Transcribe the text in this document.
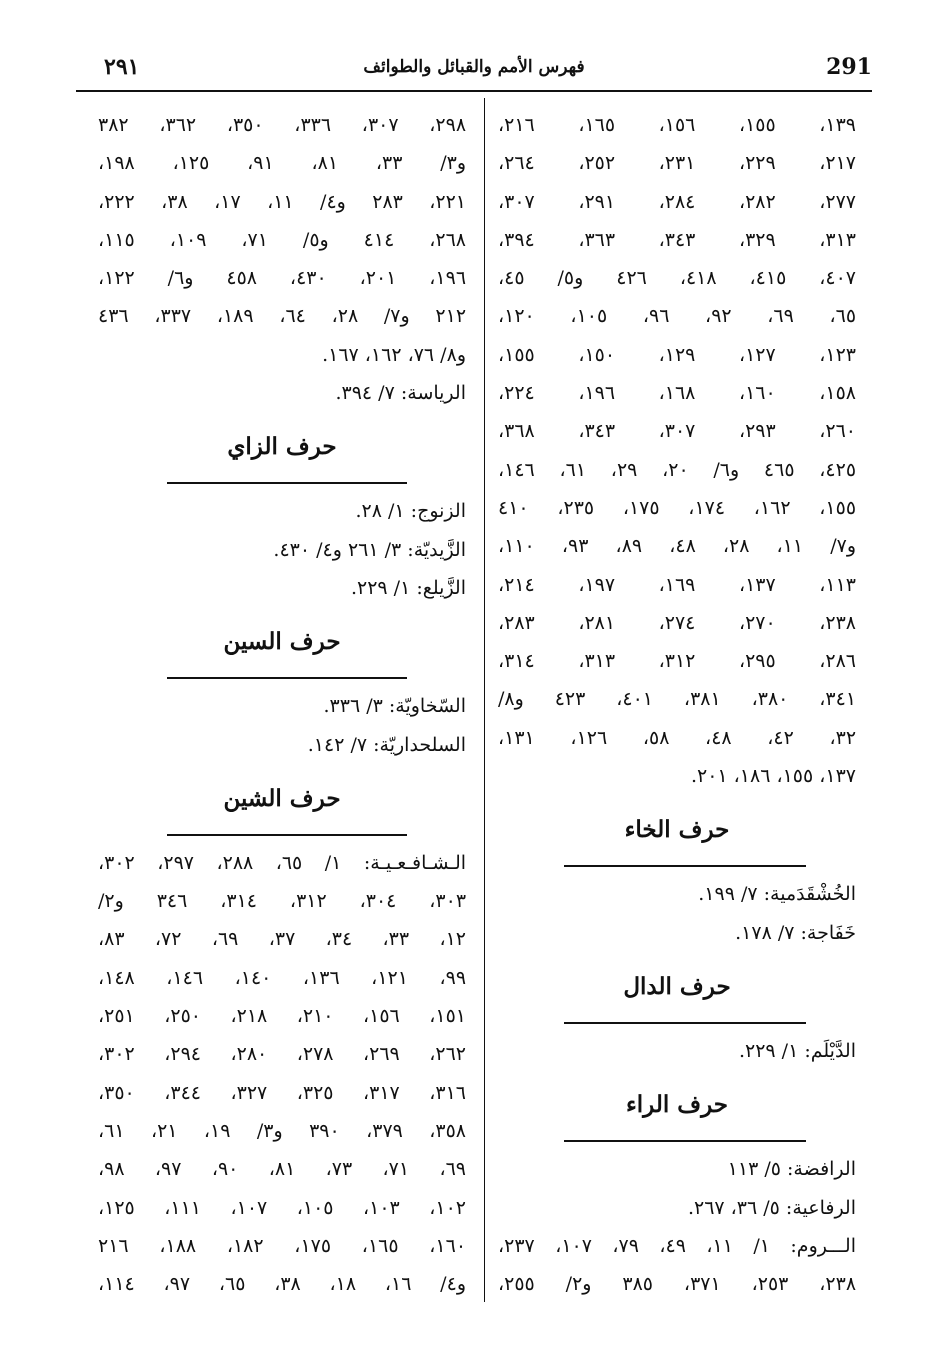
٢٩١	فهرس الأمم والقبائل والطوائف	291
١٣٩، ١٥٥، ١٥٦، ١٦٥، ٢١٦،
٢١٧، ٢٢٩، ٢٣١، ٢٥٢، ٢٦٤،
٢٧٧، ٢٨٢، ٢٨٤، ٢٩١، ٣٠٧،
٣١٣، ٣٢٩، ٣٤٣، ٣٦٣، ٣٩٤،
٤٠٧، ٤١٥، ٤١٨، ٤٢٦ و٥/ ٤٥،
٦٥، ٦٩، ٩٢، ٩٦، ١٠٥، ١٢٠،
١٢٣، ١٢٧، ١٢٩، ١٥٠، ١٥٥،
١٥٨، ١٦٠، ١٦٨، ١٩٦، ٢٢٤،
٢٦٠، ٢٩٣، ٣٠٧، ٣٤٣، ٣٦٨،
٤٢٥، ٤٦٥ و٦/ ٢٠، ٢٩، ٦١، ١٤٦،
١٥٥، ١٦٢، ١٧٤، ١٧٥، ٢٣٥، ٤١٠
و٧/ ١١، ٢٨، ٤٨، ٨٩، ٩٣، ١١٠،
١١٣، ١٣٧، ١٦٩، ١٩٧، ٢١٤،
٢٣٨، ٢٧٠، ٢٧٤، ٢٨١، ٢٨٣،
٢٨٦، ٢٩٥، ٣١٢، ٣١٣، ٣١٤،
٣٤١، ٣٨٠، ٣٨١، ٤٠١، ٤٢٣ و٨/
٣٢، ٤٢، ٤٨، ٥٨، ١٢٦، ١٣١،
١٣٧، ١٥٥، ١٨٦، ٢٠١.
حرف الخاء
الخُشْقَدَمية: ٧/ ١٩٩.
خَفَاجة: ٧/ ١٧٨.
حرف الدال
الدَّيْلَم: ١/ ٢٢٩.
حرف الراء
الرافضة: ٥/ ١١٣
الرفاعية: ٥/ ٣٦، ٢٦٧.
الـــروم: ١/ ١١، ٤٩، ٧٩، ١٠٧، ٢٣٧،
٢٣٨، ٢٥٣، ٣٧١، ٣٨٥ و٢/ ٢٥٥،
٢٩٨، ٣٠٧، ٣٣٦، ٣٥٠، ٣٦٢، ٣٨٢
و٣/ ٣٣، ٨١، ٩١، ١٢٥، ١٩٨،
٢٢١، ٢٨٣ و٤/ ١١، ١٧، ٣٨، ٢٢٢،
٢٦٨، ٤١٤ و٥/ ٧١، ١٠٩، ١١٥،
١٩٦، ٢٠١، ٤٣٠، ٤٥٨ و٦/ ١٢٢،
٢١٢ و٧/ ٢٨، ٦٤، ١٨٩، ٣٣٧، ٤٣٦
و٨/ ٧٦، ١٦٢، ١٦٧.
الرياسة: ٧/ ٣٩٤.
حرف الزاي
الزنوج: ١/ ٢٨.
الزَّيديّة: ٣/ ٢٦١ و٤/ ٤٣٠.
الزَّيلع: ١/ ٢٢٩.
حرف السين
السّخاويّة: ٣/ ٣٣٦.
السلحداريّة: ٧/ ١٤٢.
حرف الشين
الـشـافـعـيـة: ١/ ٦٥، ٢٨٨، ٢٩٧، ٣٠٢،
٣٠٣، ٣٠٤، ٣١٢، ٣١٤، ٣٤٦ و٢/
١٢، ٣٣، ٣٤، ٣٧، ٦٩، ٧٢، ٨٣،
٩٩، ١٢١، ١٣٦، ١٤٠، ١٤٦، ١٤٨،
١٥١، ١٥٦، ٢١٠، ٢١٨، ٢٥٠، ٢٥١،
٢٦٢، ٢٦٩، ٢٧٨، ٢٨٠، ٢٩٤، ٣٠٢،
٣١٦، ٣١٧، ٣٢٥، ٣٢٧، ٣٤٤، ٣٥٠،
٣٥٨، ٣٧٩، ٣٩٠ و٣/ ١٩، ٢١، ٦١،
٦٩، ٧١، ٧٣، ٨١، ٩٠، ٩٧، ٩٨،
١٠٢، ١٠٣، ١٠٥، ١٠٧، ١١١، ١٢٥،
١٦٠، ١٦٥، ١٧٥، ١٨٢، ١٨٨، ٢١٦
و٤/ ١٦، ١٨، ٣٨، ٦٥، ٩٧، ١١٤،
